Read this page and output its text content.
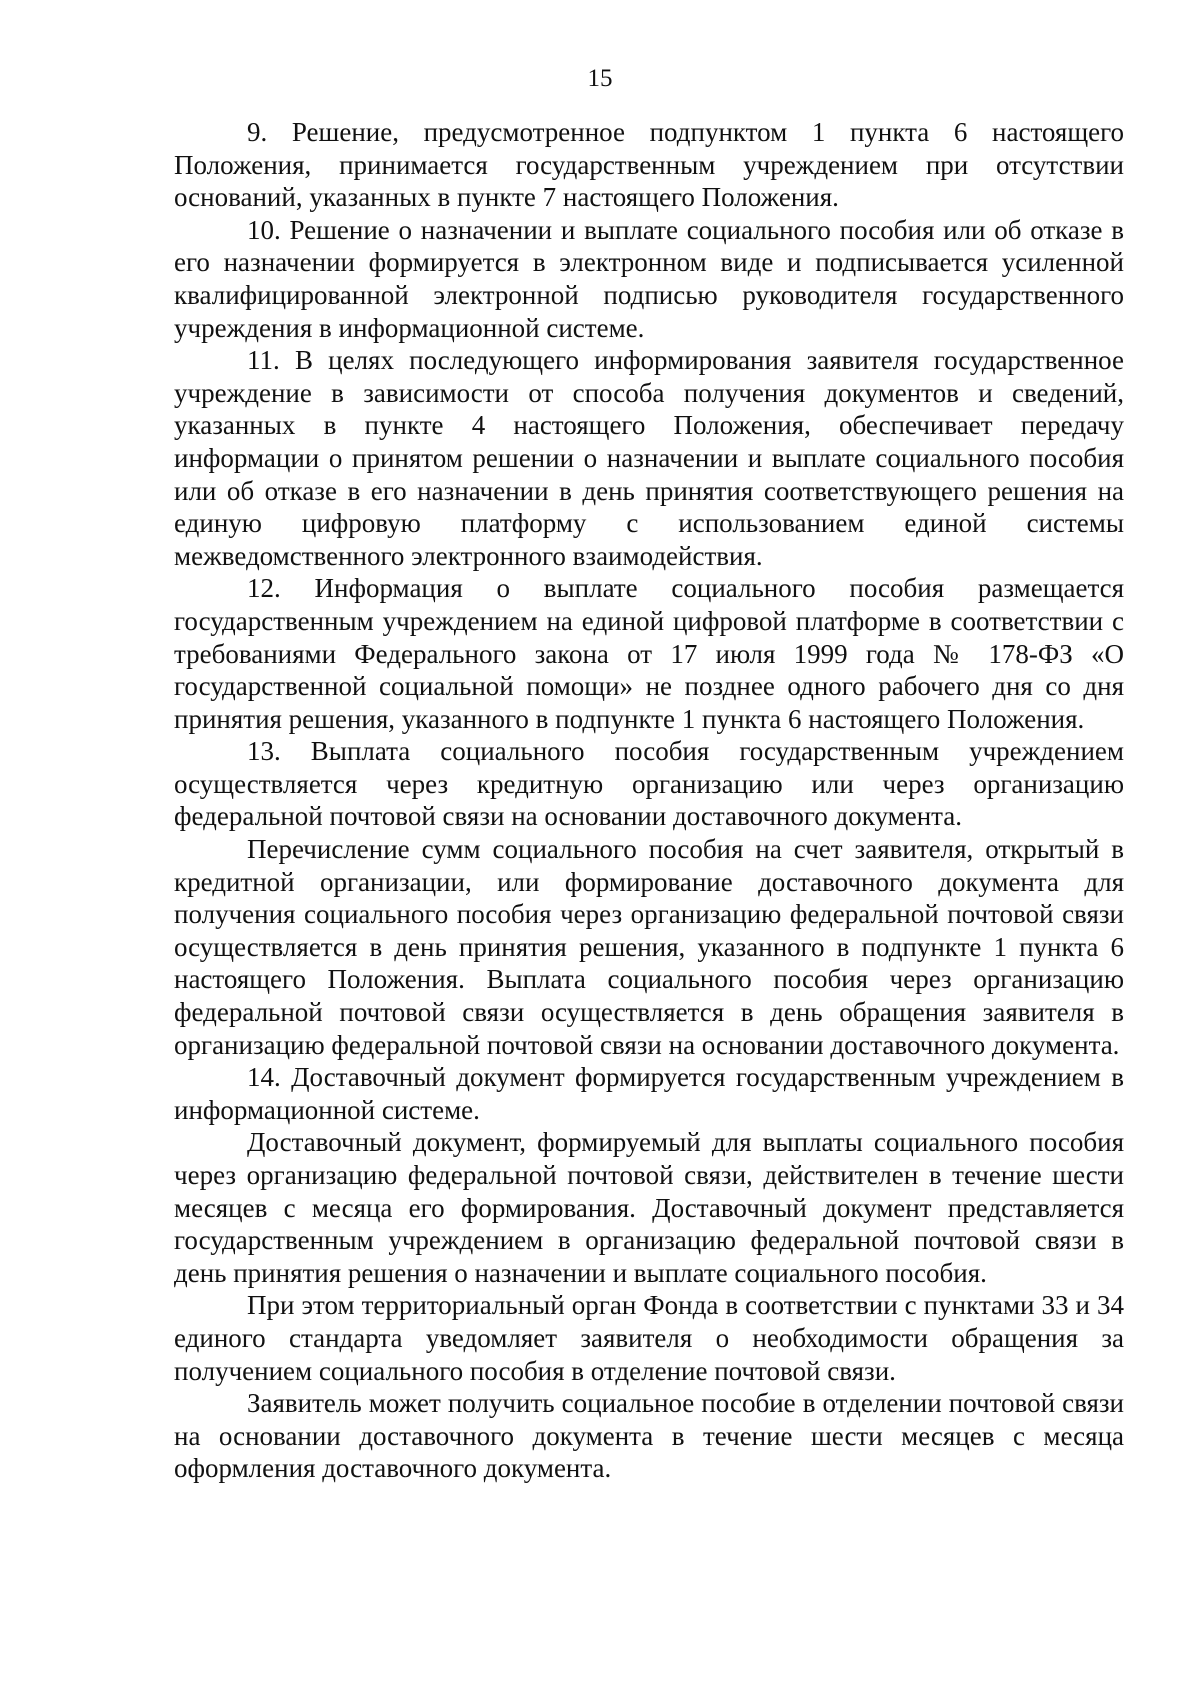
15

9. Решение, предусмотренное подпунктом 1 пункта 6 настоящего Положения, принимается государственным учреждением при отсутствии оснований, указанных в пункте 7 настоящего Положения.

10. Решение о назначении и выплате социального пособия или об отказе в его назначении формируется в электронном виде и подписывается усиленной квалифицированной электронной подписью руководителя государственного учреждения в информационной системе.

11. В целях последующего информирования заявителя государственное учреждение в зависимости от способа получения документов и сведений, указанных в пункте 4 настоящего Положения, обеспечивает передачу информации о принятом решении о назначении и выплате социального пособия или об отказе в его назначении в день принятия соответствующего решения на единую цифровую платформу с использованием единой системы межведомственного электронного взаимодействия.

12. Информация о выплате социального пособия размещается государственным учреждением на единой цифровой платформе в соответствии с требованиями Федерального закона от 17 июля 1999 года № 178-ФЗ «О государственной социальной помощи» не позднее одного рабочего дня со дня принятия решения, указанного в подпункте 1 пункта 6 настоящего Положения.

13. Выплата социального пособия государственным учреждением осуществляется через кредитную организацию или через организацию федеральной почтовой связи на основании доставочного документа.

Перечисление сумм социального пособия на счет заявителя, открытый в кредитной организации, или формирование доставочного документа для получения социального пособия через организацию федеральной почтовой связи осуществляется в день принятия решения, указанного в подпункте 1 пункта 6 настоящего Положения. Выплата социального пособия через организацию федеральной почтовой связи осуществляется в день обращения заявителя в организацию федеральной почтовой связи на основании доставочного документа.

14. Доставочный документ формируется государственным учреждением в информационной системе.

Доставочный документ, формируемый для выплаты социального пособия через организацию федеральной почтовой связи, действителен в течение шести месяцев с месяца его формирования. Доставочный документ представляется государственным учреждением в организацию федеральной почтовой связи в день принятия решения о назначении и выплате социального пособия.

При этом территориальный орган Фонда в соответствии с пунктами 33 и 34 единого стандарта уведомляет заявителя о необходимости обращения за получением социального пособия в отделение почтовой связи.

Заявитель может получить социальное пособие в отделении почтовой связи на основании доставочного документа в течение шести месяцев с месяца оформления доставочного документа.
